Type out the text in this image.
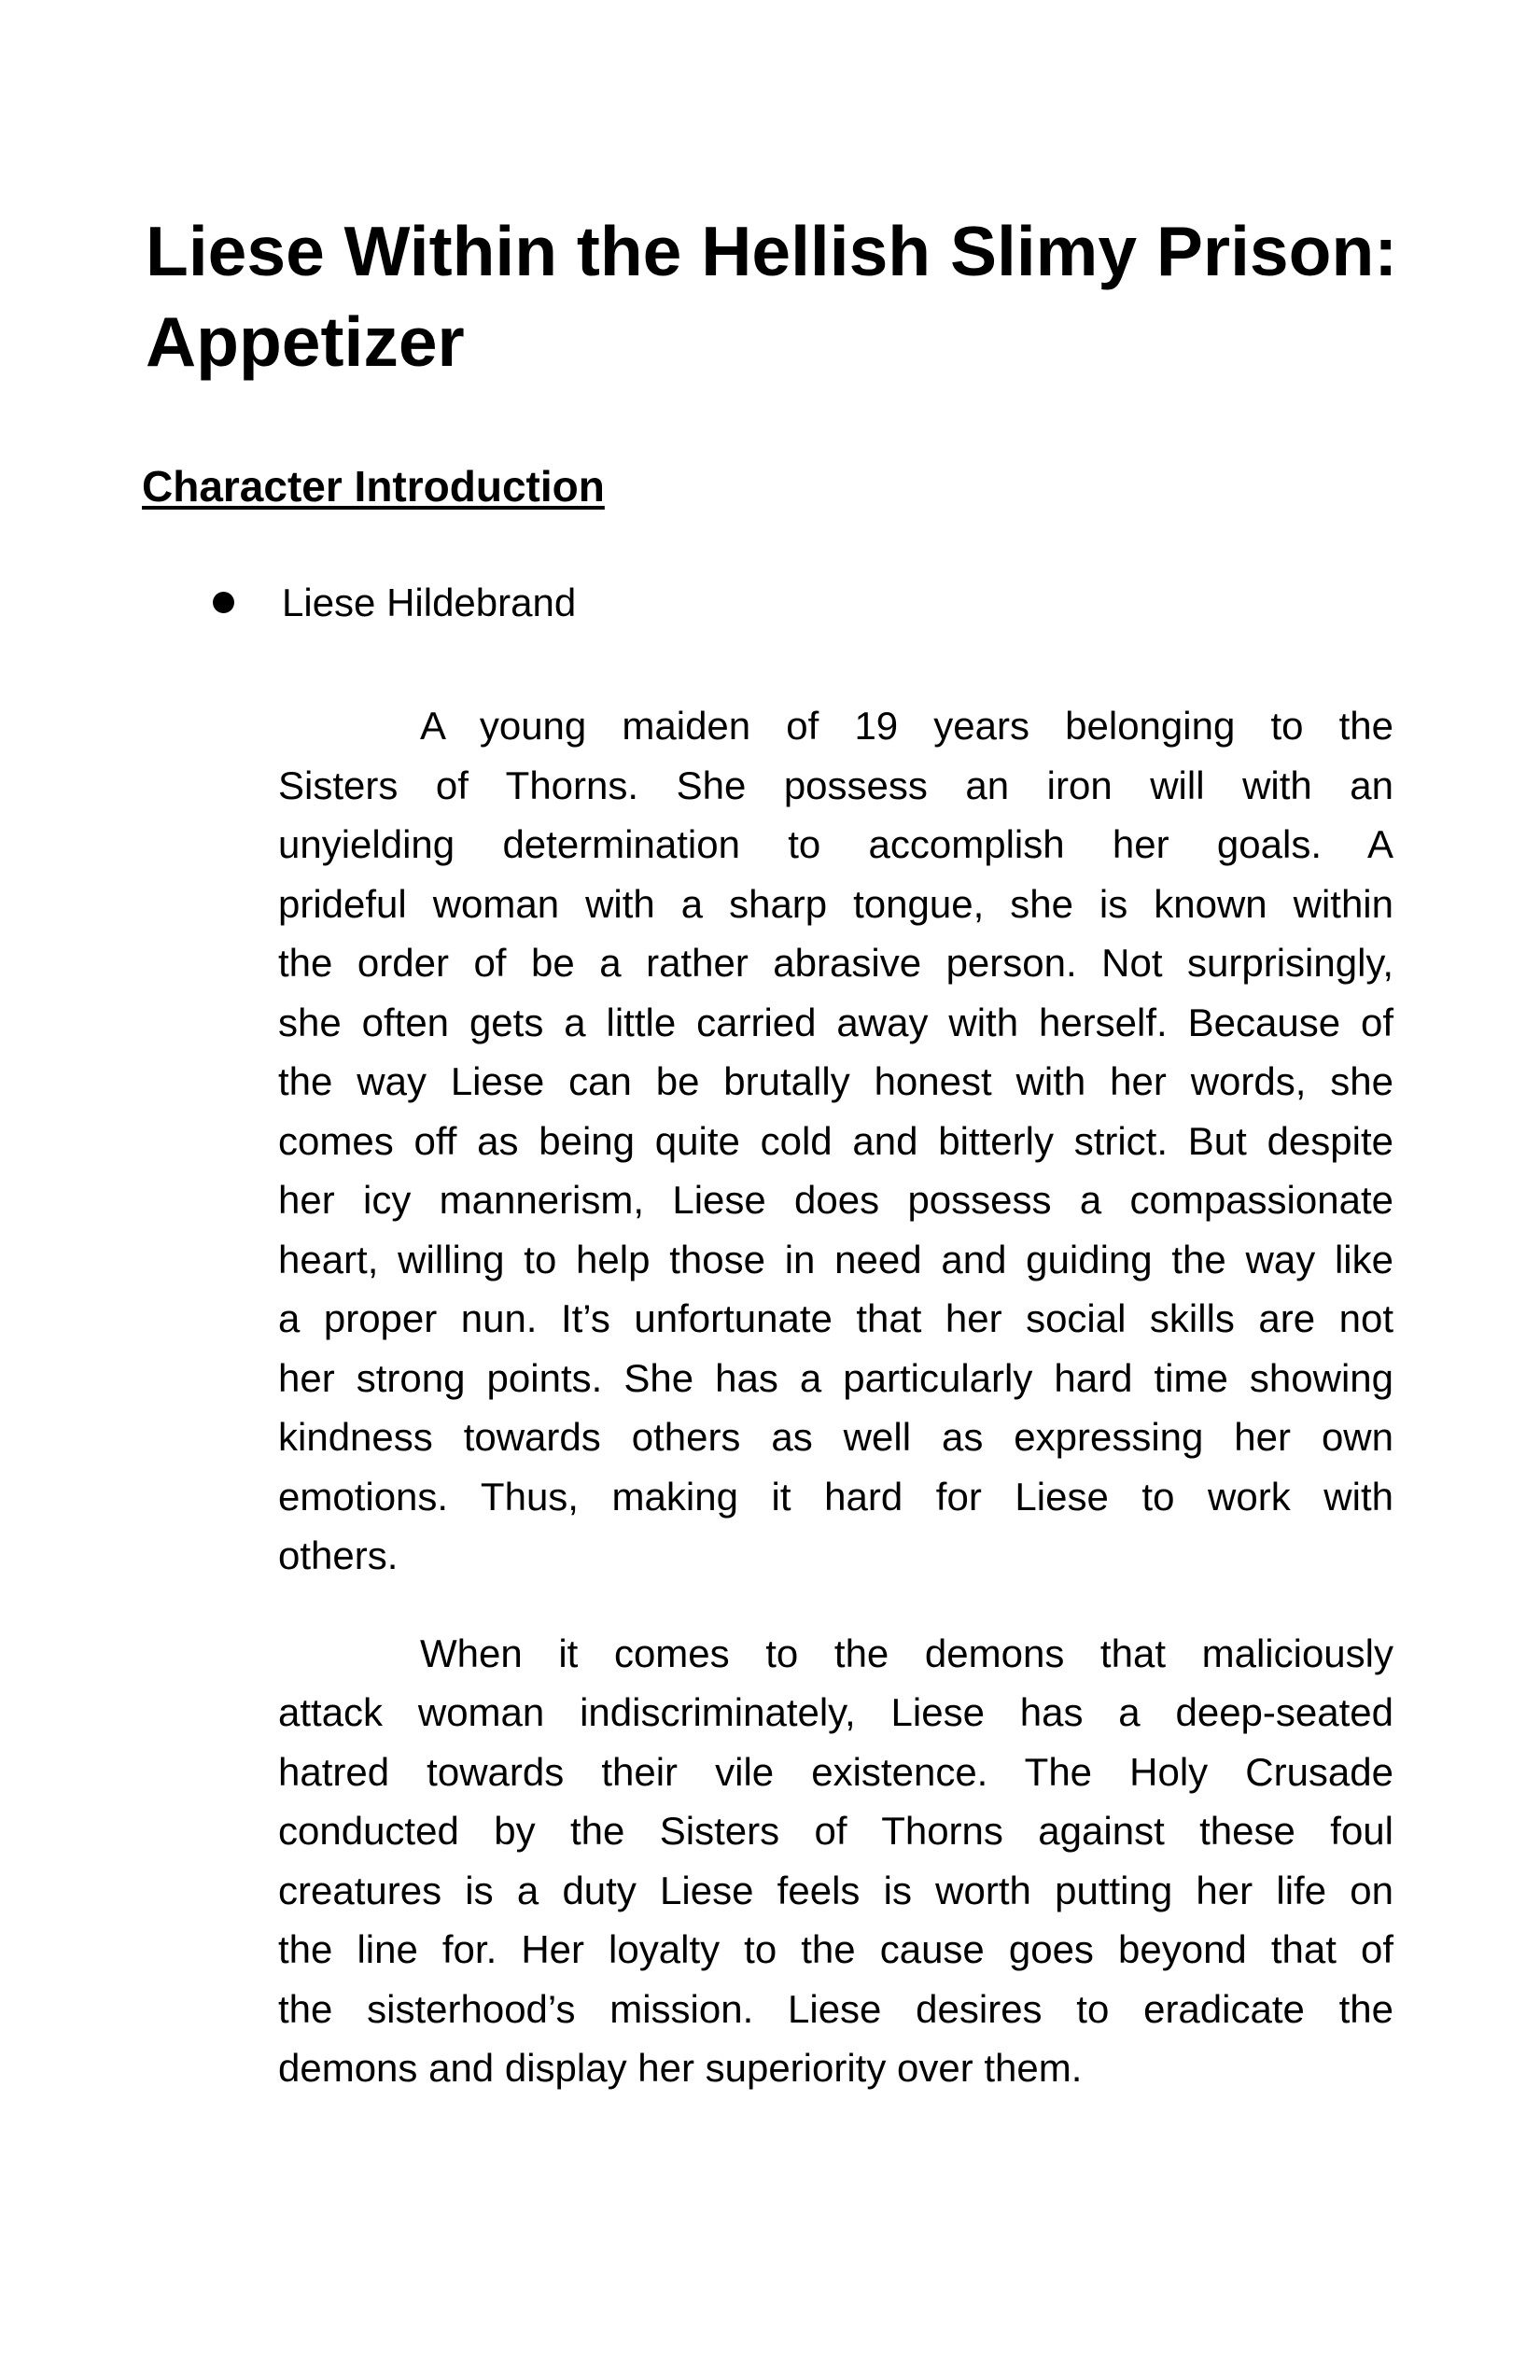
Liese Within the Hellish Slimy Prison:
Appetizer
Character Introduction
Liese Hildebrand
A young maiden of 19 years belonging to the
Sisters of Thorns. She possess an iron will with an
unyielding determination to accomplish her goals. A
prideful woman with a sharp tongue, she is known within
the order of be a rather abrasive person. Not surprisingly,
she often gets a little carried away with herself. Because of
the way Liese can be brutally honest with her words, she
comes off as being quite cold and bitterly strict. But despite
her icy mannerism, Liese does possess a compassionate
heart, willing to help those in need and guiding the way like
a proper nun. It’s unfortunate that her social skills are not
her strong points. She has a particularly hard time showing
kindness towards others as well as expressing her own
emotions. Thus, making it hard for Liese to work with
others.
When it comes to the demons that maliciously
attack woman indiscriminately, Liese has a deep-seated
hatred towards their vile existence. The Holy Crusade
conducted by the Sisters of Thorns against these foul
creatures is a duty Liese feels is worth putting her life on
the line for. Her loyalty to the cause goes beyond that of
the sisterhood’s mission. Liese desires to eradicate the
demons and display her superiority over them.
